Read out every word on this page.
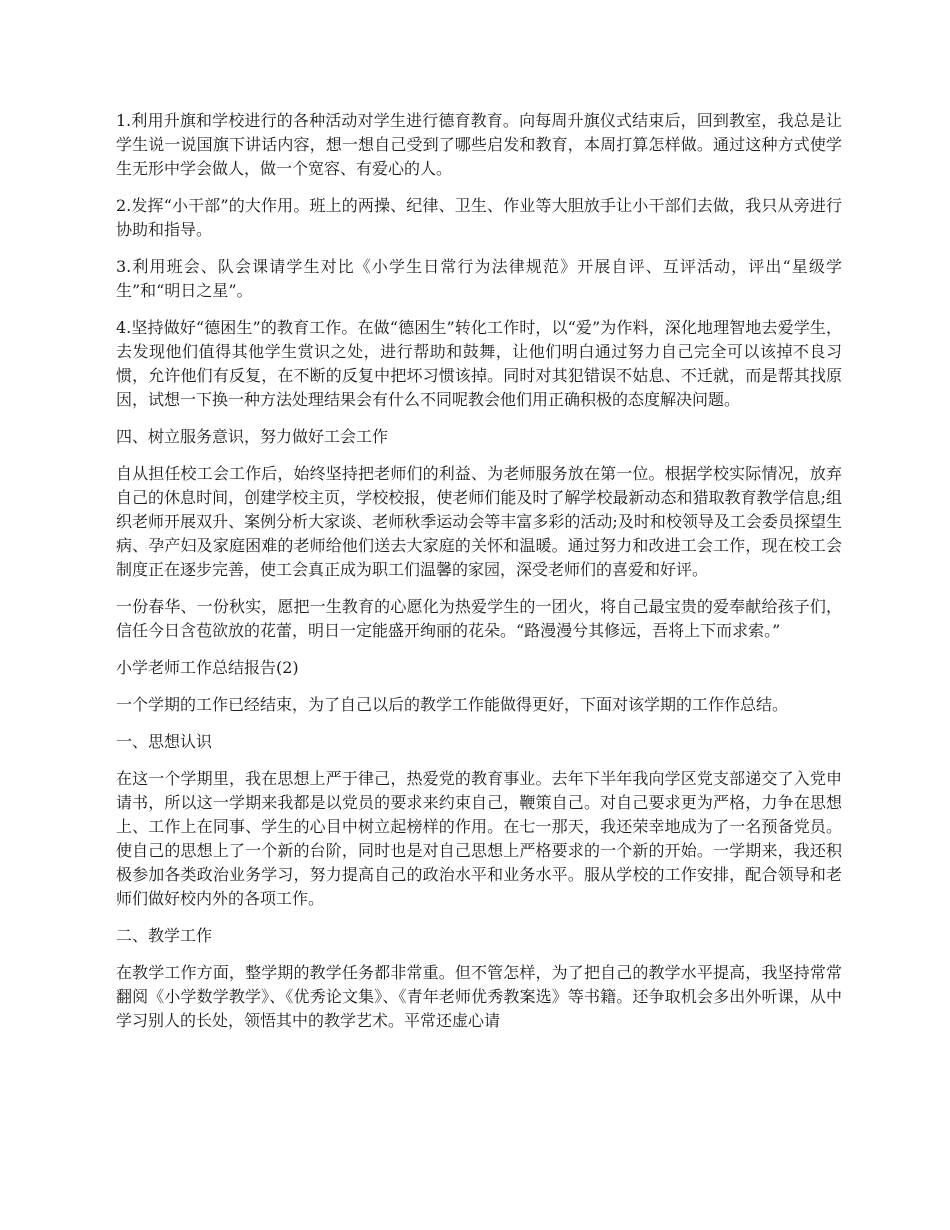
1.利用升旗和学校进行的各种活动对学生进行德育教育。向每周升旗仪式结束后，回到教室，我总是让学生说一说国旗下讲话内容，想一想自己受到了哪些启发和教育，本周打算怎样做。通过这种方式使学生无形中学会做人，做一个宽容、有爱心的人。

2.发挥“小干部”的大作用。班上的两操、纪律、卫生、作业等大胆放手让小干部们去做，我只从旁进行协助和指导。

3.利用班会、队会课请学生对比《小学生日常行为法律规范》开展自评、互评活动，评出“星级学生”和“明日之星”。

4.坚持做好“德困生”的教育工作。在做“德困生”转化工作时，以“爱”为作料，深化地理智地去爱学生，去发现他们值得其他学生赏识之处，进行帮助和鼓舞，让他们明白通过努力自己完全可以该掉不良习惯，允许他们有反复，在不断的反复中把坏习惯该掉。同时对其犯错误不姑息、不迁就，而是帮其找原因，试想一下换一种方法处理结果会有什么不同呢教会他们用正确积极的态度解决问题。

四、树立服务意识，努力做好工会工作

自从担任校工会工作后，始终坚持把老师们的利益、为老师服务放在第一位。根据学校实际情况，放弃自己的休息时间，创建学校主页，学校校报，使老师们能及时了解学校最新动态和猎取教育教学信息;组织老师开展双升、案例分析大家谈、老师秋季运动会等丰富多彩的活动;及时和校领导及工会委员探望生病、孕产妇及家庭困难的老师给他们送去大家庭的关怀和温暖。通过努力和改进工会工作，现在校工会制度正在逐步完善，使工会真正成为职工们温馨的家园，深受老师们的喜爱和好评。

一份春华、一份秋实，愿把一生教育的心愿化为热爱学生的一团火，将自己最宝贵的爱奉献给孩子们，信任今日含苞欲放的花蕾，明日一定能盛开绚丽的花朵。“路漫漫兮其修远，吾将上下而求索。”

小学老师工作总结报告(2)

一个学期的工作已经结束，为了自己以后的教学工作能做得更好，下面对该学期的工作作总结。

一、思想认识

在这一个学期里，我在思想上严于律己，热爱党的教育事业。去年下半年我向学区党支部递交了入党申请书，所以这一学期来我都是以党员的要求来约束自己，鞭策自己。对自己要求更为严格，力争在思想上、工作上在同事、学生的心目中树立起榜样的作用。在七一那天，我还荣幸地成为了一名预备党员。使自己的思想上了一个新的台阶，同时也是对自己思想上严格要求的一个新的开始。一学期来，我还积极参加各类政治业务学习，努力提高自己的政治水平和业务水平。服从学校的工作安排，配合领导和老师们做好校内外的各项工作。

二、教学工作

在教学工作方面，整学期的教学任务都非常重。但不管怎样，为了把自己的教学水平提高，我坚持常常翻阅《小学数学教学》、《优秀论文集》、《青年老师优秀教案选》等书籍。还争取机会多出外听课，从中学习别人的长处，领悟其中的教学艺术。平常还虚心请
